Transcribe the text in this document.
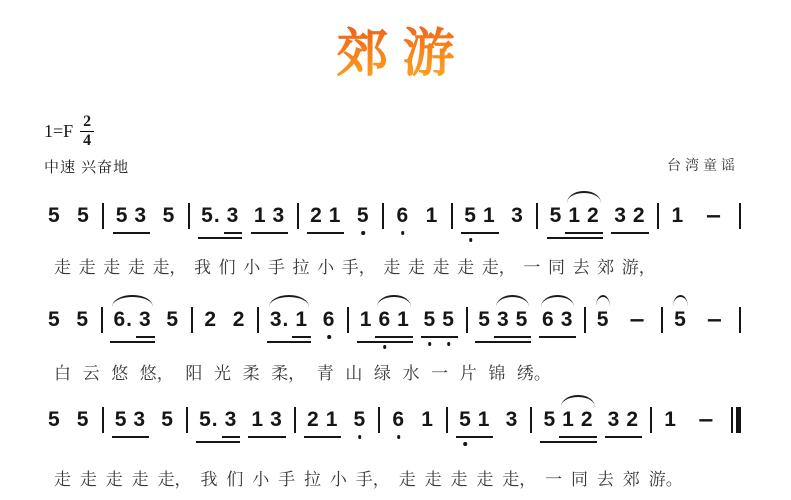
郊游
$1=F \frac{2}{4}$
中速 兴奋地	台湾童谣
5 5 5 3 5 5. 3 1 3 2 1 5 6 1 5 1 3 5 1 2 3 2 1 −
走 走 走 走 走， 我 们 小 手 拉 小 手， 走 走 走 走 走， 一 同 去 郊 游，
5 5 6. 3 5 2 2 3. 1 6 1 6 1 5 5 5 3 5 6 3 5 −	5 −
白 云 悠 悠， 阳 光 柔 柔， 青 山 绿 水 一 片 锦 绣。
5 5 5 3 5 5. 3 1 3 2 1 5 6 1 5 1 3 5 1 2 3 2 1 −
走 走 走 走 走， 我 们 小 手 拉 小 手， 走 走 走 走 走， 一 同 去 郊 游。
